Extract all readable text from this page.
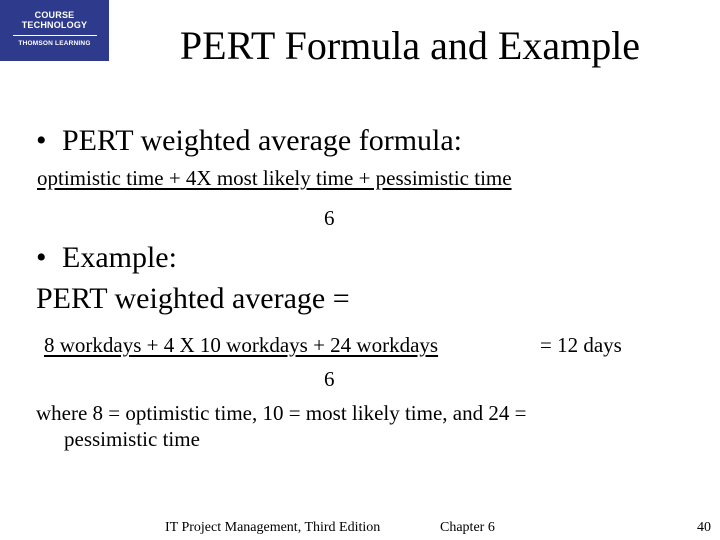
COURSE
TECHNOLOGY
THOMSON LEARNING	PERT Formula and Example
• PERT weighted average formula:
optimistic time + 4X most likely time + pessimistic time
6
• Example:
PERT weighted average =
8 workdays + 4 X 10 workdays + 24 workdays	= 12 days
6
where 8 = optimistic time, 10 = most likely time, and 24 =
pessimistic time
IT Project Management, Third Edition	Chapter 6	40
